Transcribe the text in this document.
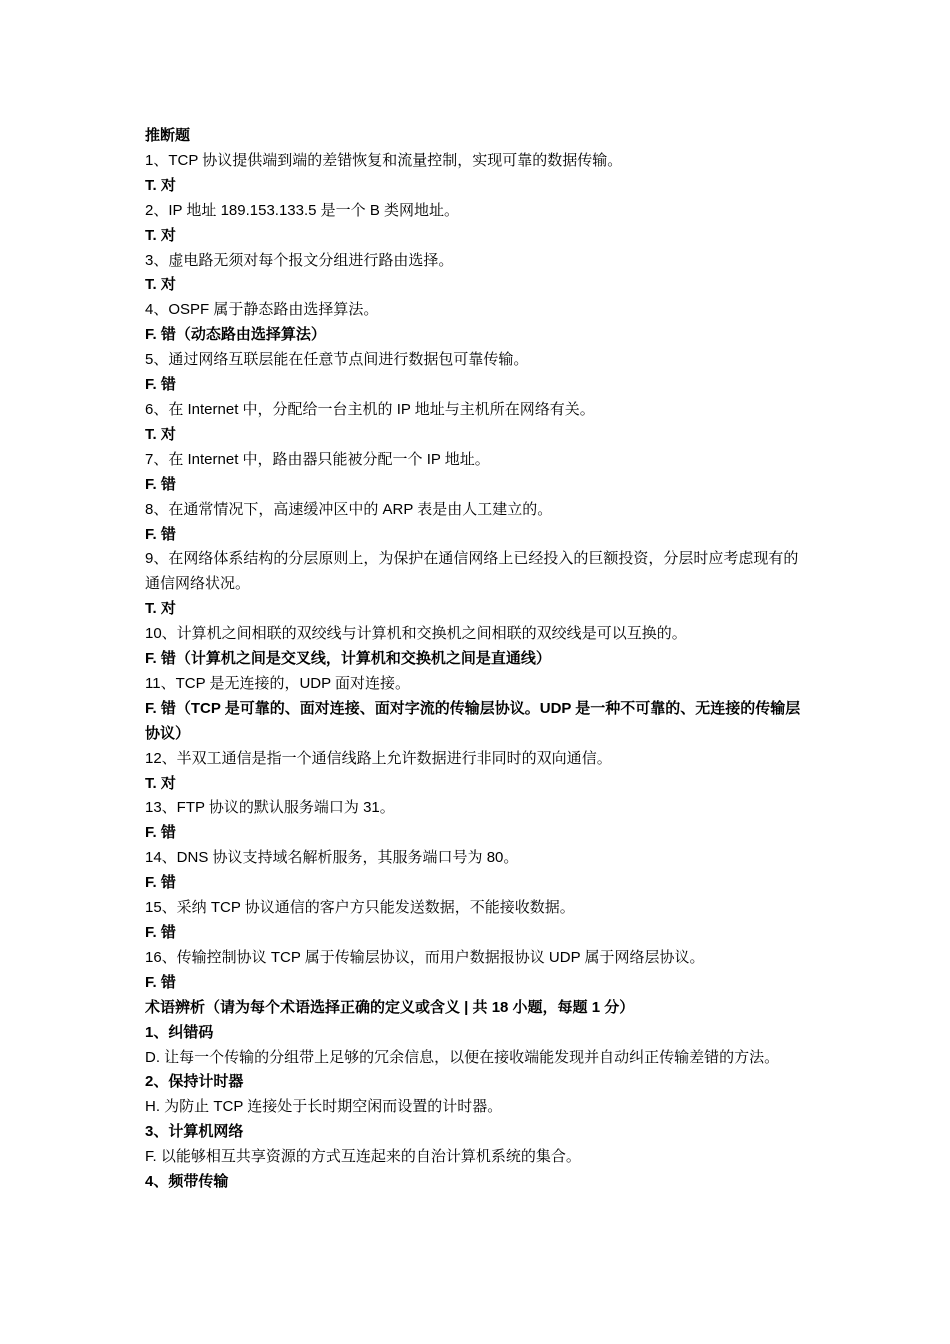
推断题

1、TCP 协议提供端到端的差错恢复和流量控制，实现可靠的数据传输。

T. 对

2、IP 地址 189.153.133.5 是一个 B 类网地址。

T. 对

3、虚电路无须对每个报文分组进行路由选择。

T. 对

4、OSPF 属于静态路由选择算法。

F. 错（动态路由选择算法）

5、通过网络互联层能在任意节点间进行数据包可靠传输。

F. 错

6、在 Internet 中，分配给一台主机的 IP 地址与主机所在网络有关。

T. 对

7、在 Internet 中，路由器只能被分配一个 IP 地址。

F. 错

8、在通常情况下，高速缓冲区中的 ARP 表是由人工建立的。

F. 错

9、在网络体系结构的分层原则上，为保护在通信网络上已经投入的巨额投资，分层时应考虑现有的通信网络状况。

T. 对

10、计算机之间相联的双绞线与计算机和交换机之间相联的双绞线是可以互换的。

F. 错（计算机之间是交叉线，计算机和交换机之间是直通线）

11、TCP 是无连接的，UDP 面对连接。

F. 错（TCP 是可靠的、面对连接、面对字流的传输层协议。UDP 是一种不可靠的、无连接的传输层协议）

12、半双工通信是指一个通信线路上允许数据进行非同时的双向通信。

T. 对

13、FTP 协议的默认服务端口为 31。

F. 错

14、DNS 协议支持域名解析服务，其服务端口号为 80。

F. 错

15、采纳 TCP 协议通信的客户方只能发送数据，不能接收数据。

F. 错

16、传输控制协议 TCP 属于传输层协议，而用户数据报协议 UDP 属于网络层协议。

F. 错

术语辨析（请为每个术语选择正确的定义或含义 | 共 18 小题，每题 1 分）

1、纠错码

D. 让每一个传输的分组带上足够的冗余信息，以便在接收端能发现并自动纠正传输差错的方法。

2、保持计时器

H. 为防止 TCP 连接处于长时期空闲而设置的计时器。

3、计算机网络

F. 以能够相互共享资源的方式互连起来的自治计算机系统的集合。

4、频带传输
